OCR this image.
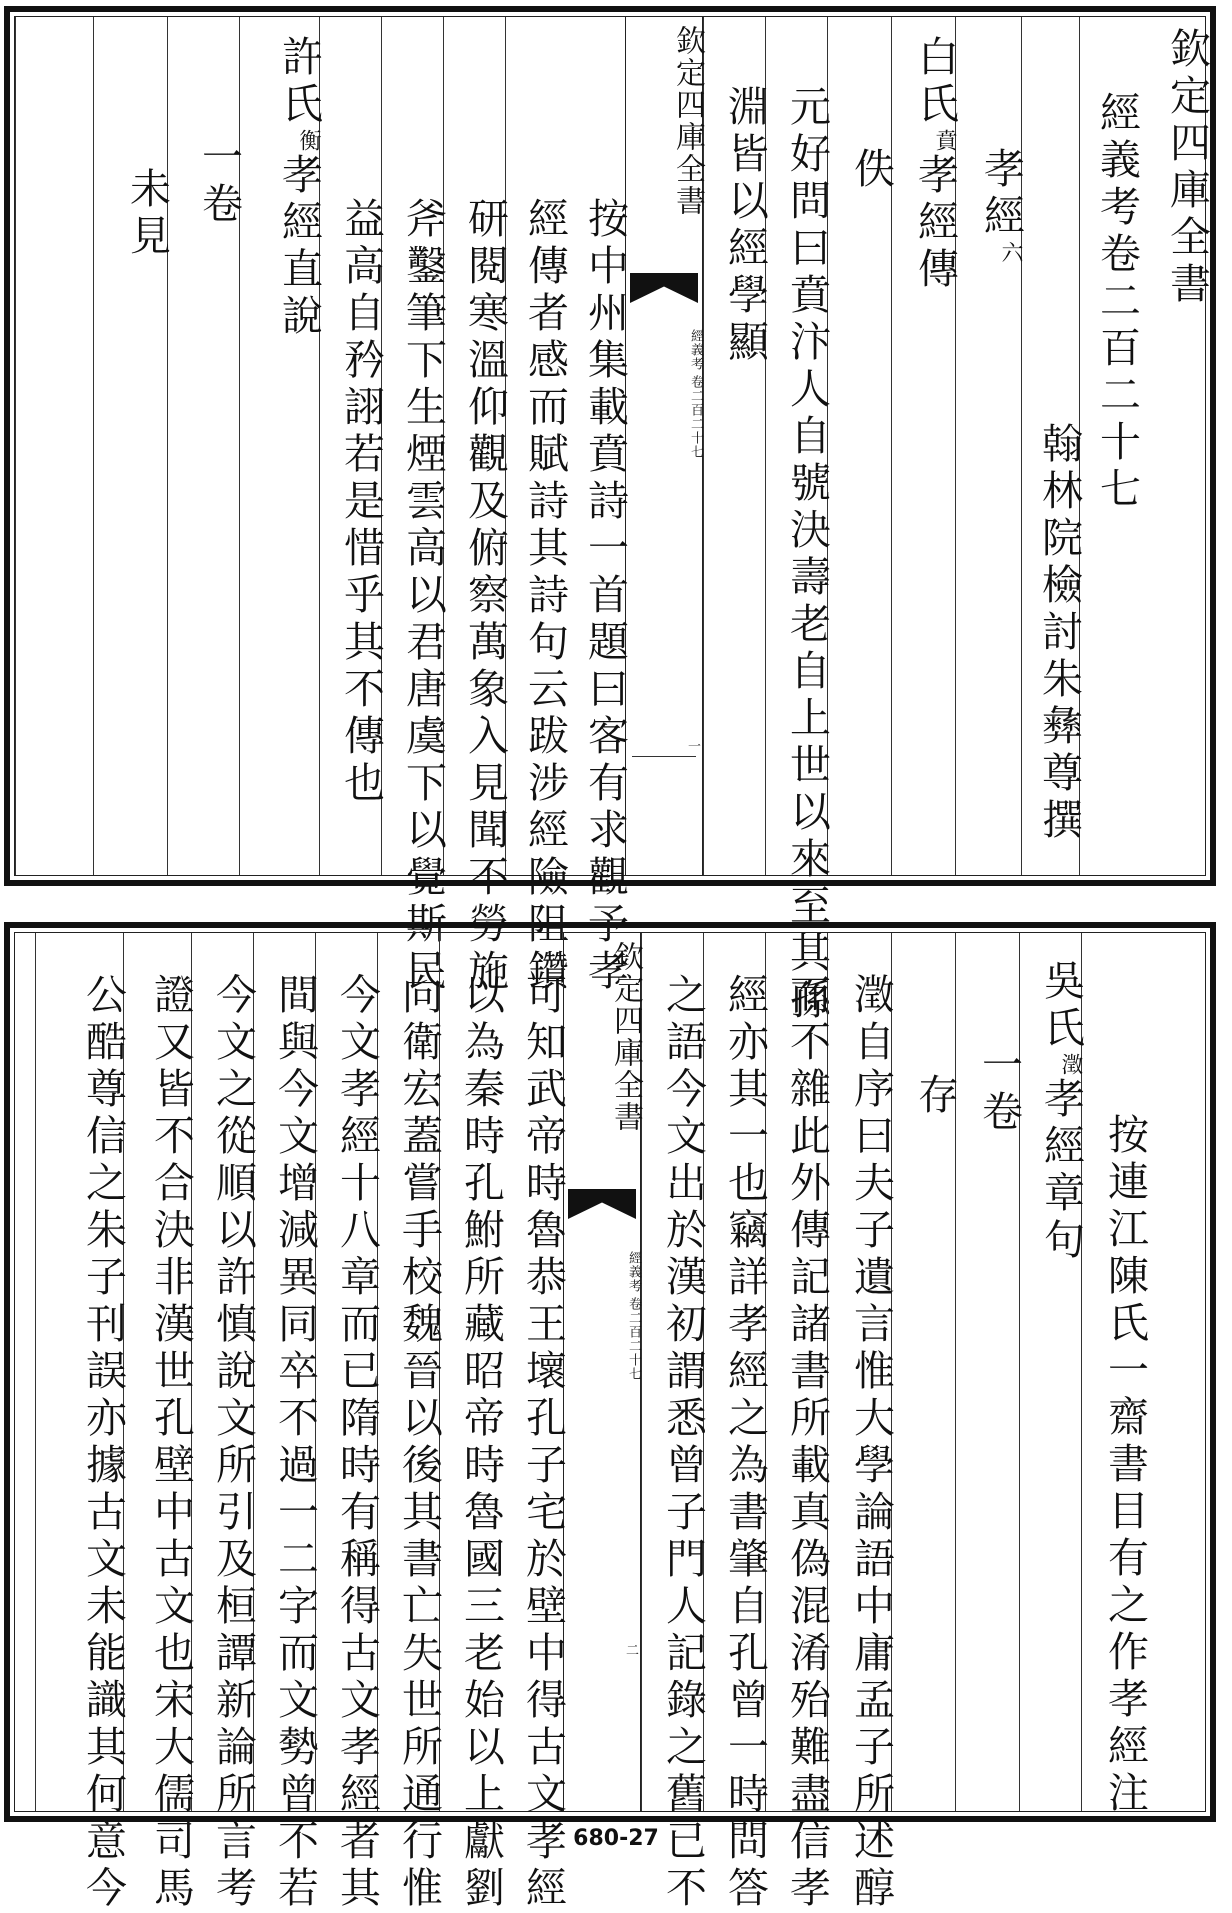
欽定四庫全書
經義考卷二百二十七
翰林院檢討朱彝尊撰
孝經
六
白氏
賁
孝經傳
佚
元好問曰賁汴人自號決壽老自上世以來至其孫
淵皆以經學顯
欽定四庫全書
經義考
卷二百二十七
一
按中州集載賁詩一首題曰客有求觀予孝
經傳者感而賦詩其詩句云跋涉經險阻鑽
研閱寒溫仰觀及俯察萬象入見聞不勞施
斧鑿筆下生煙雲高以君唐虞下以覺斯民
益高自矜詡若是惜乎其不傳也
許氏
衡
孝經直說
一卷
未見
按連江陳氏一齋書目有之作孝經注
吳氏
澂
孝經章句
一卷
存
澂自序曰夫子遺言惟大學論語中庸孟子所述醇
而不雜此外傳記諸書所載真偽混淆殆難盡信孝
經亦其一也竊詳孝經之為書肇自孔曾一時問答
之語今文出於漢初謂悉曾子門人記錄之舊已不
欽定四庫全書
經義考
卷二百二十七
二
可知武帝時魯恭王壞孔子宅於壁中得古文孝經
以為秦時孔鮒所藏昭帝時魯國三老始以上獻劉
向衛宏蓋嘗手校魏晉以後其書亡失世所通行惟
今文孝經十八章而已隋時有稱得古文孝經者其
間與今文增減異同卒不過一二字而文勢曾不若
今文之從順以許慎說文所引及桓譚新論所言考
證又皆不合決非漢世孔壁中古文也宋大儒司馬
公酷尊信之朱子刊誤亦據古文未能識其何意今	680-27
